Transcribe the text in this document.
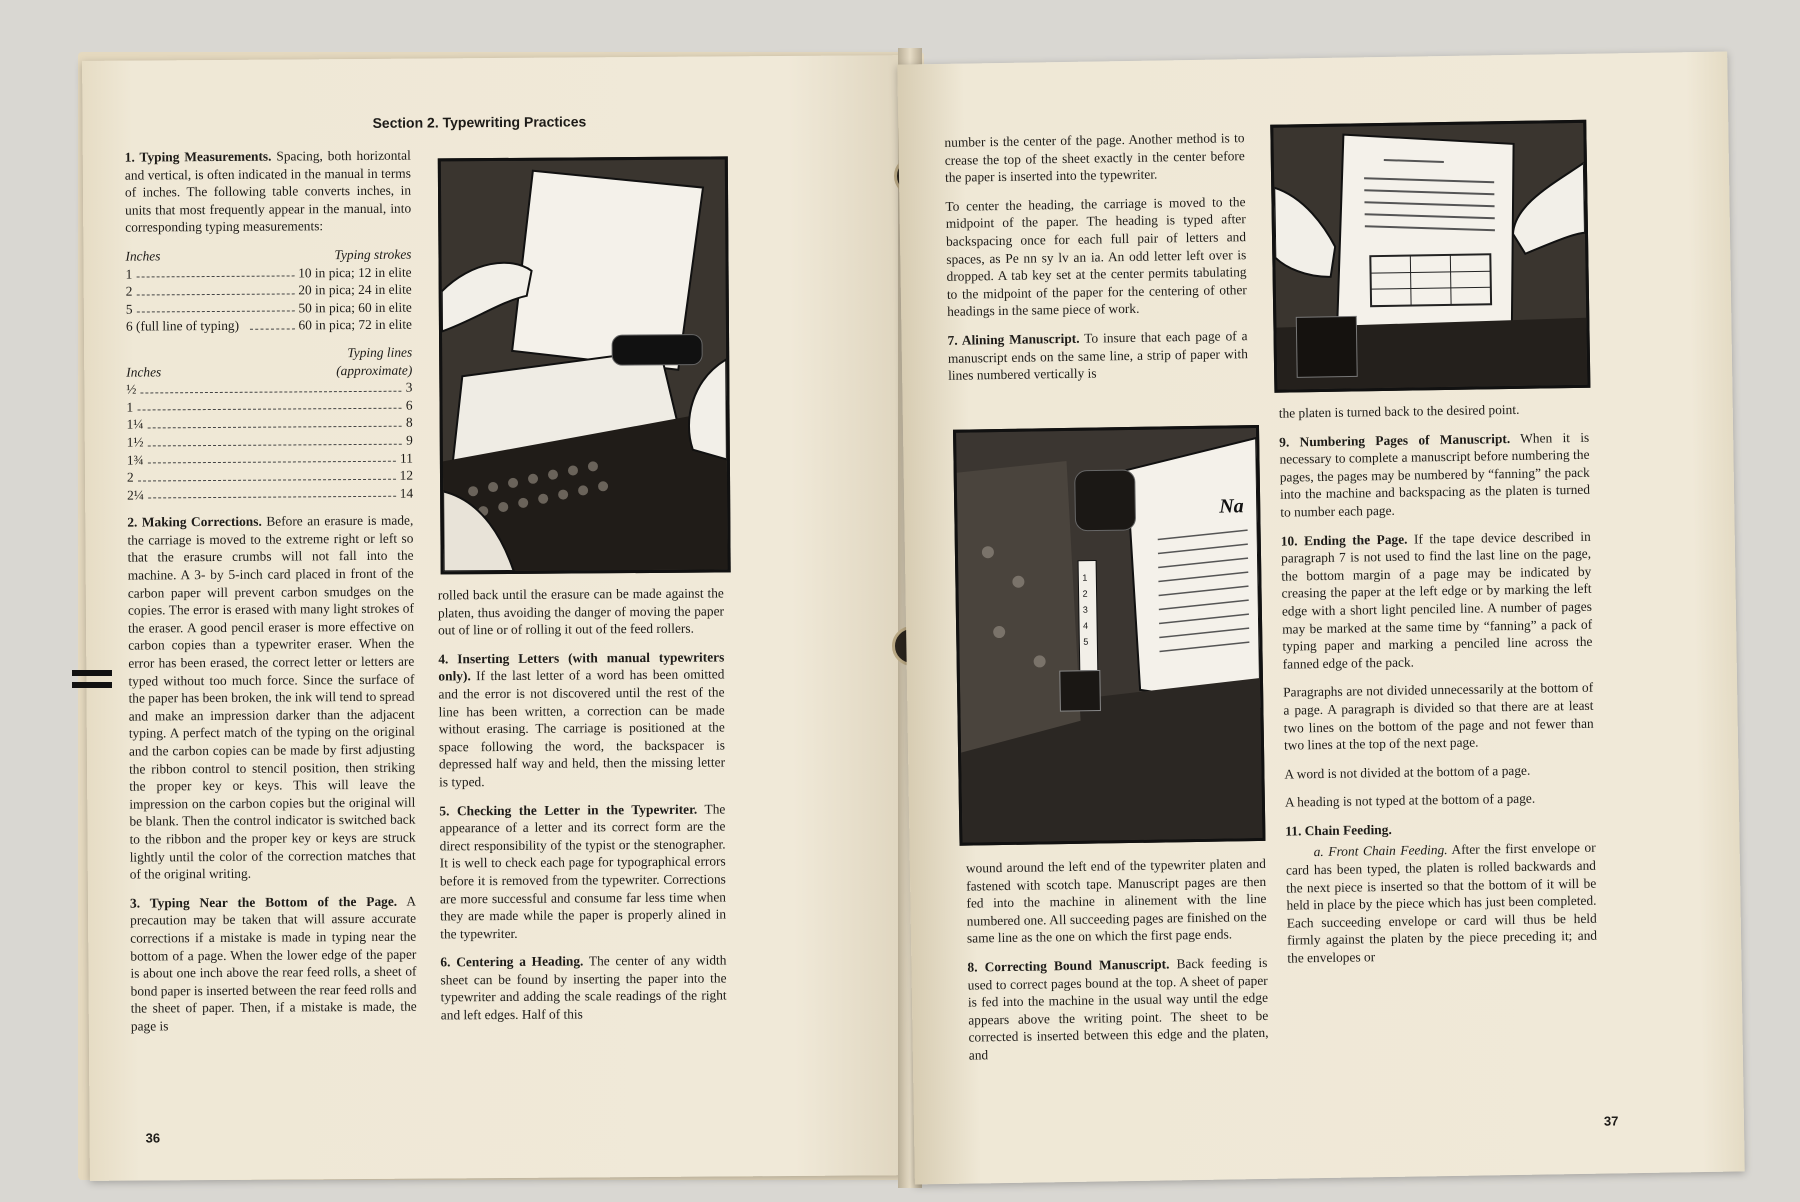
Section 2. Typewriting Practices

1. Typing Measurements. Spacing, both horizontal and vertical, is often indicated in the manual in terms of inches. The following table converts inches, in units that most frequently appear in the manual, into corresponding typing measurements:

Inches	Typing strokes
1	10 in pica; 12 in elite
2	20 in pica; 24 in elite
5	50 in pica; 60 in elite
6 (full line of typing)	60 in pica; 72 in elite
Inches
Typing lines (approximate)
½	3
1	6
1¼	8
1½	9
1¾	11
2	12
2¼	14

2. Making Corrections. Before an erasure is made, the carriage is moved to the extreme right or left so that the erasure crumbs will not fall into the machine. A 3- by 5-inch card placed in front of the carbon paper will prevent carbon smudges on the copies. The error is erased with many light strokes of the eraser. A good pencil eraser is more effective on carbon copies than a typewriter eraser. When the error has been erased, the correct letter or letters are typed without too much force. Since the surface of the paper has been broken, the ink will tend to spread and make an impression darker than the adjacent typing. A perfect match of the typing on the original and the carbon copies can be made by first adjusting the ribbon control to stencil position, then striking the proper key or keys. This will leave the impression on the carbon copies but the original will be blank. Then the control indicator is switched back to the ribbon and the proper key or keys are struck lightly until the color of the correction matches that of the original writing.

3. Typing Near the Bottom of the Page. A precaution may be taken that will assure accurate corrections if a mistake is made in typing near the bottom of a page. When the lower edge of the paper is about one inch above the rear feed rolls, a sheet of bond paper is inserted between the rear feed rolls and the sheet of paper. Then, if a mistake is made, the page is

rolled back until the erasure can be made against the platen, thus avoiding the danger of moving the paper out of line or of rolling it out of the feed rollers.

4. Inserting Letters (with manual typewriters only). If the last letter of a word has been omitted and the error is not discovered until the rest of the line has been written, a correction can be made without erasing. The carriage is positioned at the space following the word, the backspacer is depressed half way and held, then the missing letter is typed.

5. Checking the Letter in the Typewriter. The appearance of a letter and its correct form are the direct responsibility of the typist or the stenographer. It is well to check each page for typographical errors before it is removed from the typewriter. Corrections are more successful and consume far less time when they are made while the paper is properly alined in the typewriter.

6. Centering a Heading. The center of any width sheet can be found by inserting the paper into the typewriter and adding the scale readings of the right and left edges. Half of this

36

number is the center of the page. Another method is to crease the top of the sheet exactly in the center before the paper is inserted into the typewriter.

To center the heading, the carriage is moved to the midpoint of the paper. The heading is typed after backspacing once for each full pair of letters and spaces, as Pe nn sy lv an ia. An odd letter left over is dropped. A tab key set at the center permits tabulating to the midpoint of the paper for the centering of other headings in the same piece of work.

7. Alining Manuscript. To insure that each page of a manuscript ends on the same line, a strip of paper with lines numbered vertically is

Na
1
2
3
4
5

wound around the left end of the typewriter platen and fastened with scotch tape. Manuscript pages are then fed into the machine in alinement with the line numbered one. All succeeding pages are finished on the same line as the one on which the first page ends.

8. Correcting Bound Manuscript. Back feeding is used to correct pages bound at the top. A sheet of paper is fed into the machine in the usual way until the edge appears above the writing point. The sheet to be corrected is inserted between this edge and the platen, and

the platen is turned back to the desired point.

9. Numbering Pages of Manuscript. When it is necessary to complete a manuscript before numbering the pages, the pages may be numbered by “fanning” the pack into the machine and backspacing as the platen is turned to number each page.

10. Ending the Page. If the tape device described in paragraph 7 is not used to find the last line on the page, the bottom margin of a page may be indicated by creasing the paper at the left edge or by marking the left edge with a short light penciled line. A number of pages may be marked at the same time by “fanning” a pack of typing paper and marking a penciled line across the fanned edge of the pack.

Paragraphs are not divided unnecessarily at the bottom of a page. A paragraph is divided so that there are at least two lines on the bottom of the page and not fewer than two lines at the top of the next page.

A word is not divided at the bottom of a page.

A heading is not typed at the bottom of a page.

11. Chain Feeding.

a. Front Chain Feeding. After the first envelope or card has been typed, the platen is rolled backwards and the next piece is inserted so that the bottom of it will be held in place by the piece which has just been completed. Each succeeding envelope or card will thus be held firmly against the platen by the piece preceding it; and the envelopes or

37
